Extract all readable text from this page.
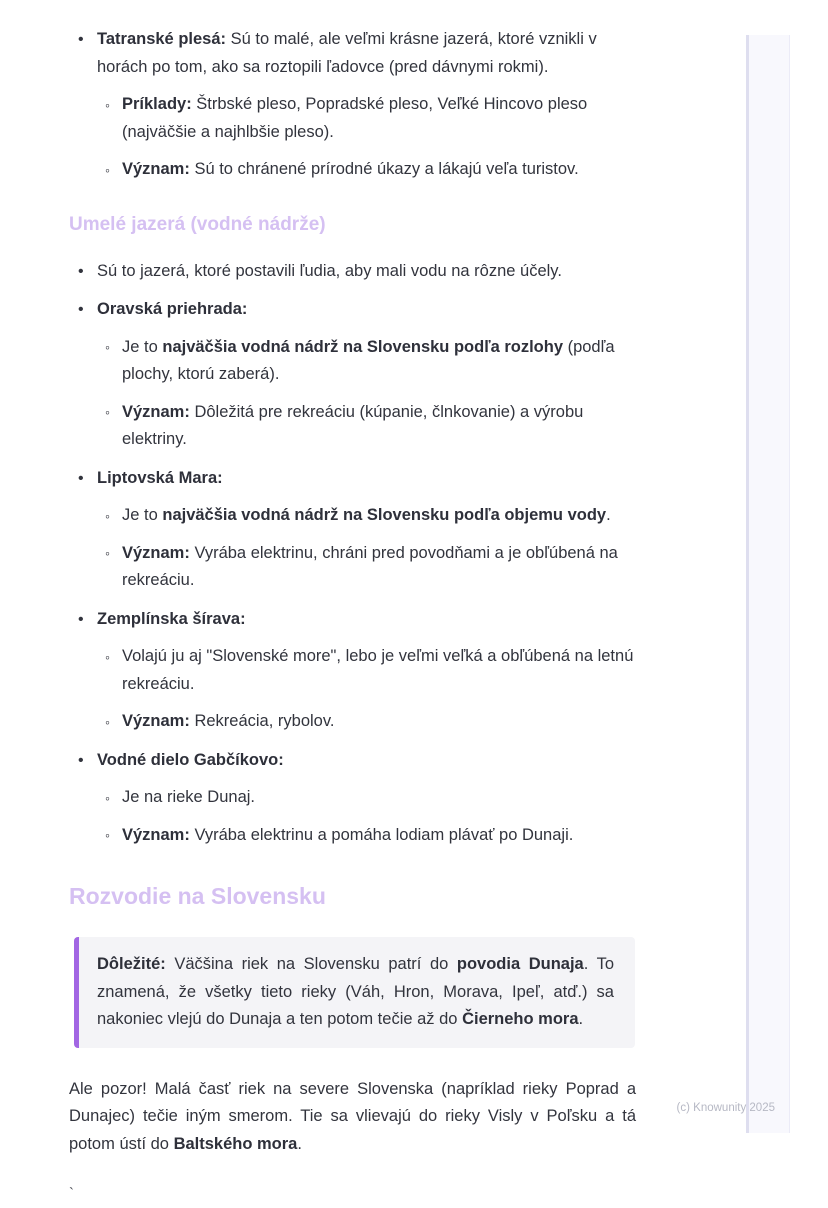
• Tatranské plesá: Sú to malé, ale veľmi krásne jazerá, ktoré vznikli v horách po tom, ako sa roztopili ľadovce (pred dávnymi rokmi).
◦ Príklady: Štrbské pleso, Popradské pleso, Veľké Hincovo pleso (najväčšie a najhlbšie pleso).
◦ Význam: Sú to chránené prírodné úkazy a lákajú veľa turistov.
Umelé jazerá (vodné nádrže)
• Sú to jazerá, ktoré postavili ľudia, aby mali vodu na rôzne účely.
• Oravská priehrada:
◦ Je to najväčšia vodná nádrž na Slovensku podľa rozlohy (podľa plochy, ktorú zaberá).
◦ Význam: Dôležitá pre rekreáciu (kúpanie, člnkovanie) a výrobu elektriny.
• Liptovská Mara:
◦ Je to najväčšia vodná nádrž na Slovensku podľa objemu vody.
◦ Význam: Vyrába elektrinu, chráni pred povodňami a je obľúbená na rekreáciu.
• Zemplínska šírava:
◦ Volajú ju aj "Slovenské more", lebo je veľmi veľká a obľúbená na letnú rekreáciu.
◦ Význam: Rekreácia, rybolov.
• Vodné dielo Gabčíkovo:
◦ Je na rieke Dunaj.
◦ Význam: Vyrába elektrinu a pomáha lodiam plávať po Dunaji.
Rozvodie na Slovensku

Dôležité: Väčšina riek na Slovensku patrí do povodia Dunaja. To znamená, že všetky tieto rieky (Váh, Hron, Morava, Ipeľ, atď.) sa nakoniec vlejú do Dunaja a ten potom tečie až do Čierneho mora.

Ale pozor! Malá časť riek na severe Slovenska (napríklad rieky Poprad a Dunajec) tečie iným smerom. Tie sa vlievajú do rieky Visly v Poľsku a tá potom ústí do Baltského mora.

`
(c) Knowunity 2025
